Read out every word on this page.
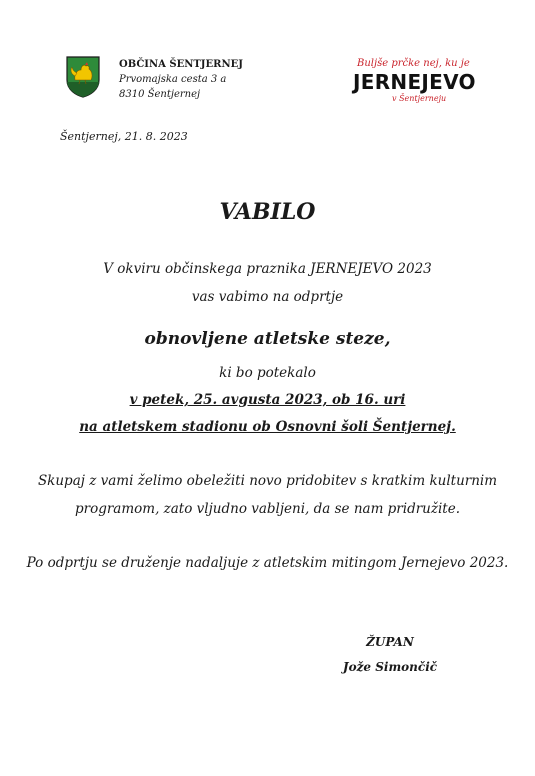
OBČINA ŠENTJERNEJ
Prvomajska cesta 3 a
8310 Šentjernej
Buljše prčke nej, ku je
JERNEJEVO
v Šentjerneju
Šentjernej, 21. 8. 2023
VABILO
V okviru občinskega praznika JERNEJEVO 2023
vas vabimo na odprtje
obnovljene atletske steze,
ki bo potekalo
v petek, 25. avgusta 2023, ob 16. uri
na atletskem stadionu ob Osnovni šoli Šentjernej.
Skupaj z vami želimo obeležiti novo pridobitev s kratkim kulturnim
programom, zato vljudno vabljeni, da se nam pridružite.
Po odprtju se druženje nadaljuje z atletskim mitingom Jernejevo 2023.
ŽUPAN
Jože Simončič
